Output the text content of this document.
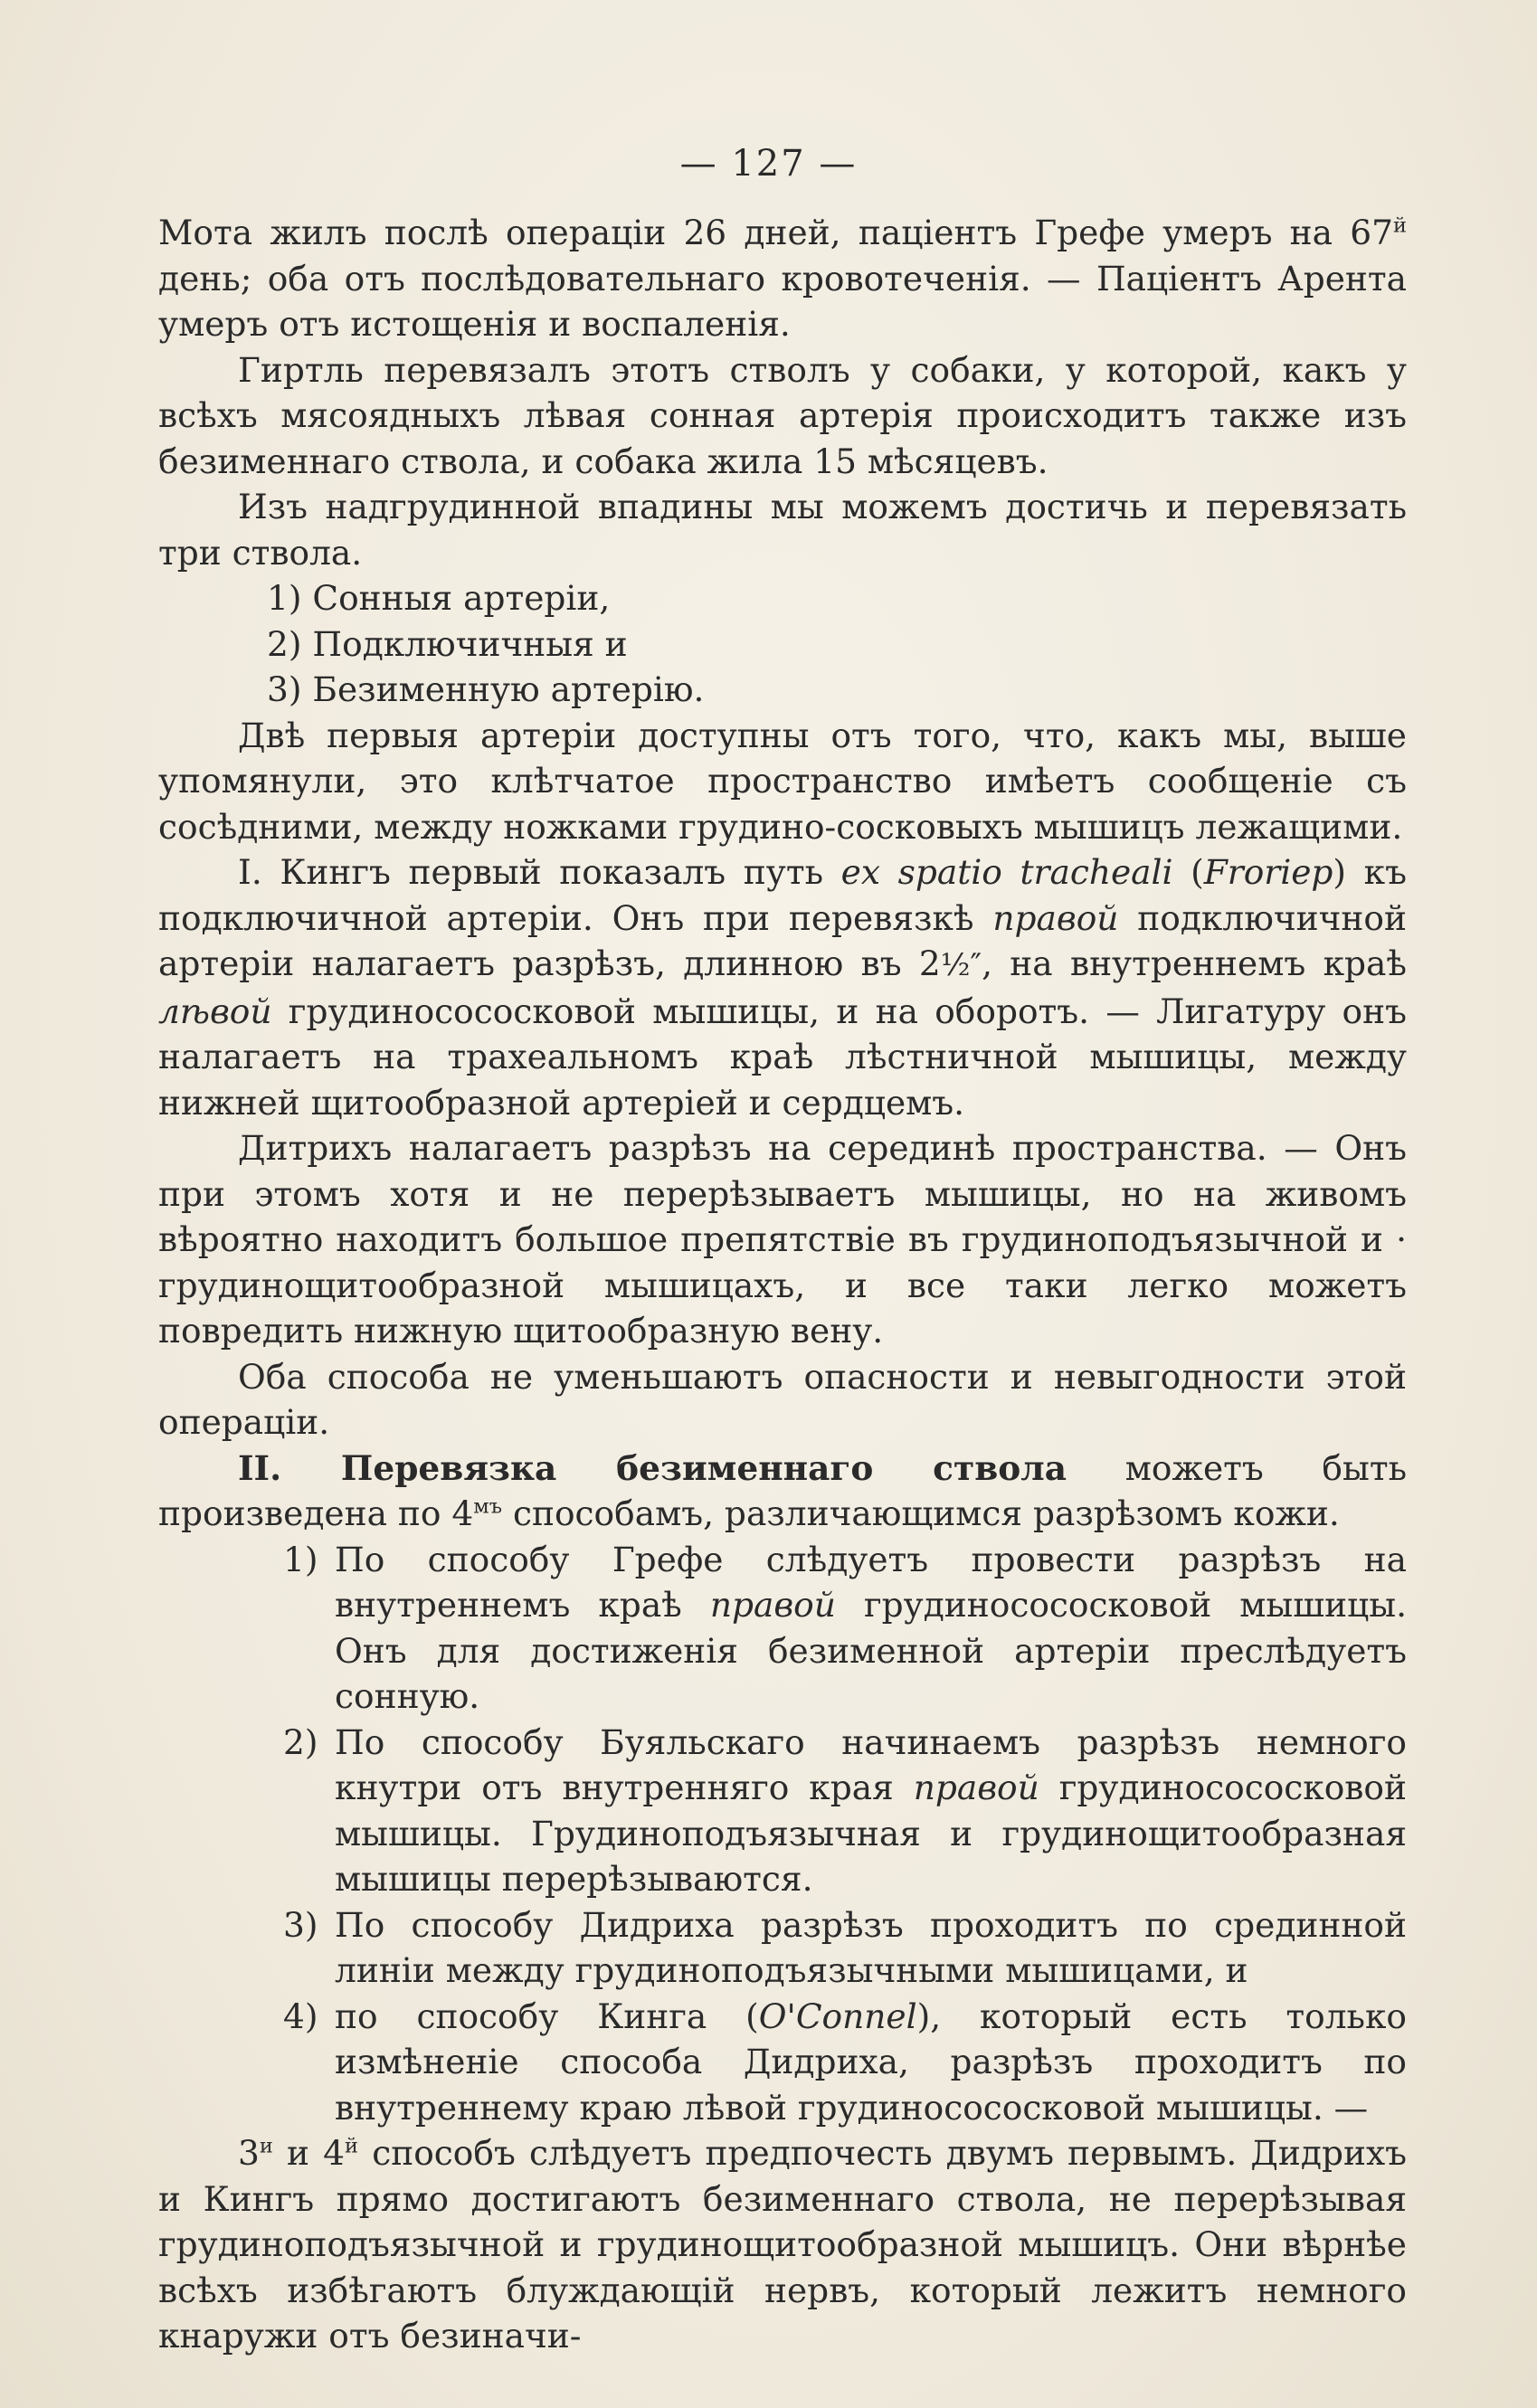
— 127 —

Мота жилъ послѣ операціи 26 дней, паціентъ Грефе умеръ на $67^й$ день; оба отъ послѣдовательнаго кровотеченія. — Паціентъ Арента умеръ отъ истощенія и воспаленія.

Гиртль перевязалъ этотъ стволъ у собаки, у которой, какъ у всѣхъ мясоядныхъ лѣвая сонная артерія происходитъ также изъ безименнаго ствола, и собака жила 15 мѣсяцевъ.

Изъ надгрудинной впадины мы можемъ достичь и перевязать три ствола.

1) Сонныя артеріи,

2) Подключичныя и

3) Безименную артерію.

Двѣ первыя артеріи доступны отъ того, что, какъ мы, выше упомянули, это клѣтчатое пространство имѣетъ сообщеніе съ сосѣдними, между ножками грудино-сосковыхъ мышицъ лежащими.

I. Кингъ первый показалъ путь ex spatio tracheali (Froriep) къ подключичной артеріи. Онъ при перевязкѣ правой подключичной артеріи налагаетъ разрѣзъ, длинною въ 2½″, на внутреннемъ краѣ лѣвой грудиносососковой мышицы, и на оборотъ. — Лигатуру онъ налагаетъ на трахеальномъ краѣ лѣстничной мышицы, между нижней щитообразной артеріей и сердцемъ.

Дитрихъ налагаетъ разрѣзъ на серединѣ пространства. — Онъ при этомъ хотя и не перерѣзываетъ мышицы, но на живомъ вѣроятно находитъ большое препятствіе въ грудиноподъязычной и · грудинощитообразной мышицахъ, и все таки легко можетъ повредить нижную щитообразную вену.

Оба способа не уменьшаютъ опасности и невыгодности этой операціи.

II. Перевязка безименнаго ствола можетъ быть произведена по $4^{мъ}$ способамъ, различающимся разрѣзомъ кожи.

1) По способу Грефе слѣдуетъ провести разрѣзъ на внутреннемъ краѣ правой грудиносососковой мышицы. Онъ для достиженія безименной артеріи преслѣдуетъ сонную.

2) По способу Буяльскаго начинаемъ разрѣзъ немного кнутри отъ внутренняго края правой грудиносососковой мышицы. Грудиноподъязычная и грудинощитообразная мышицы перерѣзываются.

3) По способу Дидриха разрѣзъ проходитъ по срединной линіи между грудиноподъязычными мышицами, и

4) по способу Кинга (O'Connel), который есть только измѣненіе способа Дидриха, разрѣзъ проходитъ по внутреннему краю лѣвой грудиносососковой мышицы. —

$3^и$ и $4^й$ способъ слѣдуетъ предпочесть двумъ первымъ. Дидрихъ и Кингъ прямо достигаютъ безименнаго ствола, не перерѣзывая грудиноподъязычной и грудинощитообразной мышицъ. Они вѣрнѣе всѣхъ избѣгаютъ блуждающій нервъ, который лежитъ немного кнаружи отъ безиначи-
